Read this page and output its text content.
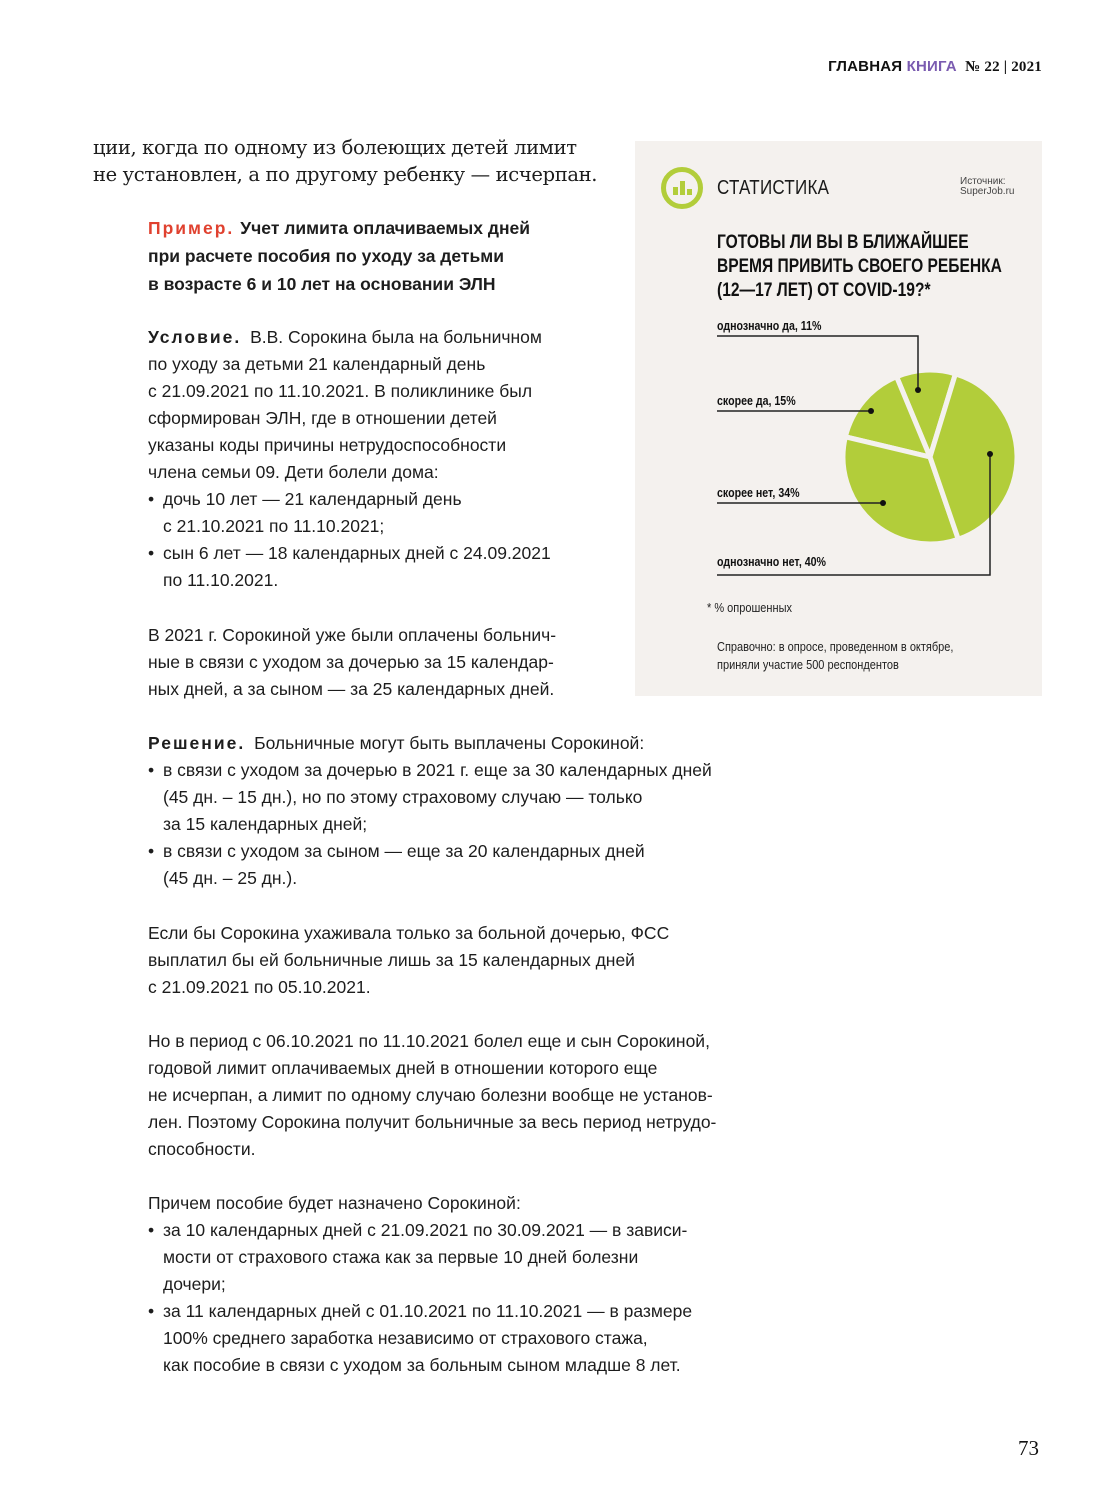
ГЛАВНАЯ КНИГА № 22 | 2021
ции, когда по одному из болеющих детей лимит
не установлен, а по другому ребенку — исчерпан.
Пример. Учет лимита оплачиваемых дней
при расчете пособия по уходу за детьми
в возрасте 6 и 10 лет на основании ЭЛН
Условие. В.В. Сорокина была на больничном
по уходу за детьми 21 календарный день
с 21.09.2021 по 11.10.2021. В поликлинике был
сформирован ЭЛН, где в отношении детей
указаны коды причины нетрудоспособности
члена семьи 09. Дети болели дома:
• дочь 10 лет — 21 календарный день
с 21.10.2021 по 11.10.2021;
• сын 6 лет — 18 календарных дней с 24.09.2021
по 11.10.2021.
В 2021 г. Сорокиной уже были оплачены больнич-
ные в связи с уходом за дочерью за 15 календар-
ных дней, а за сыном — за 25 календарных дней.
Решение. Больничные могут быть выплачены Сорокиной:
• в связи с уходом за дочерью в 2021 г. еще за 30 календарных дней
(45 дн. – 15 дн.), но по этому страховому случаю — только
за 15 календарных дней;
• в связи с уходом за сыном — еще за 20 календарных дней
(45 дн. – 25 дн.).
Если бы Сорокина ухаживала только за больной дочерью, ФСС
выплатил бы ей больничные лишь за 15 календарных дней
с 21.09.2021 по 05.10.2021.
Но в период с 06.10.2021 по 11.10.2021 болел еще и сын Сорокиной,
годовой лимит оплачиваемых дней в отношении которого еще
не исчерпан, а лимит по одному случаю болезни вообще не установ-
лен. Поэтому Сорокина получит больничные за весь период нетрудо-
способности.
Причем пособие будет назначено Сорокиной:
• за 10 календарных дней с 21.09.2021 по 30.09.2021 — в зависи-
мости от страхового стажа как за первые 10 дней болезни
дочери;
• за 11 календарных дней с 01.10.2021 по 11.10.2021 — в размере
100% среднего заработка независимо от страхового стажа,
как пособие в связи с уходом за больным сыном младше 8 лет.
СТАТИСТИКА	Источник:
SuperJob.ru
ГОТОВЫ ЛИ ВЫ В БЛИЖАЙШЕЕ
ВРЕМЯ ПРИВИТЬ СВОЕГО РЕБЕНКА
(12—17 ЛЕТ) ОТ COVID-19?*
однозначно да, 11%
скорее да, 15%
скорее нет, 34%
однозначно нет, 40%
* % опрошенных
Справочно: в опросе, проведенном в октябре,
приняли участие 500 респондентов
73
